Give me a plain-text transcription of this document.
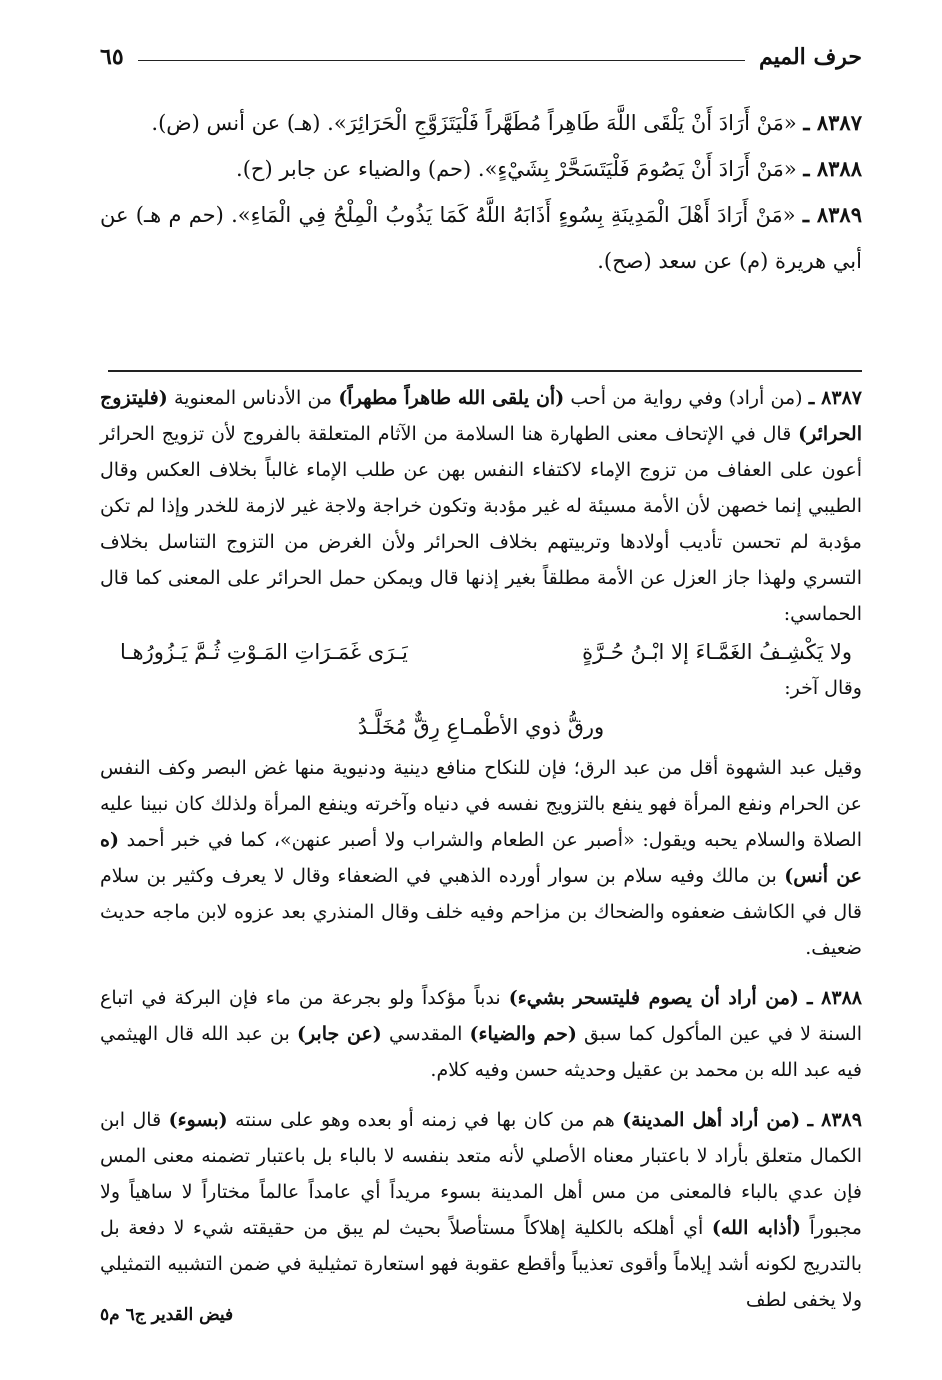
حرف الميم
٦٥

٨٣٨٧ ـ «مَنْ أَرَادَ أَنْ يَلْقَى اللَّهَ طَاهِراً مُطَهَّراً فَلْيَتَزَوَّجِ الْحَرَائِرَ». (هـ) عن أنس (ض).

٨٣٨٨ ـ «مَنْ أَرَادَ أَنْ يَصُومَ فَلْيَتَسَحَّرْ بِشَيْءٍ». (حم) والضياء عن جابر (ح).

٨٣٨٩ ـ «مَنْ أَرَادَ أَهْلَ الْمَدِينَةِ بِسُوءٍ أَذَابَهُ اللَّهُ كَمَا يَذُوبُ الْمِلْحُ فِي الْمَاءِ». (حم م هـ) عن أبي هريرة (م) عن سعد (صح).

٨٣٨٧ ـ (من أراد) وفي رواية من أحب (أن يلقى الله طاهراً مطهراً) من الأدناس المعنوية (فليتزوج الحرائر) قال في الإتحاف معنى الطهارة هنا السلامة من الآثام المتعلقة بالفروج لأن تزويج الحرائر أعون على العفاف من تزوج الإماء لاكتفاء النفس بهن عن طلب الإماء غالباً بخلاف العكس وقال الطيبي إنما خصهن لأن الأمة مسيئة له غير مؤدبة وتكون خراجة ولاجة غير لازمة للخدر وإذا لم تكن مؤدبة لم تحسن تأديب أولادها وتربيتهم بخلاف الحرائر ولأن الغرض من التزوج التناسل بخلاف التسري ولهذا جاز العزل عن الأمة مطلقاً بغير إذنها قال ويمكن حمل الحرائر على المعنى كما قال الحماسي:

ولا يَكْشِـفُ الغَمَّـاءَ إلا ابْـنُ حُـرَّةٍ
يَـرَى غَمَـرَاتِ المَـوْتِ ثُـمَّ يَـزُورُهـا

وقال آخر:

ورقُّ ذوي الأطْمـاعِ رِقٌّ مُخَلَّـدُ

وقيل عبد الشهوة أقل من عبد الرق؛ فإن للنكاح منافع دينية ودنيوية منها غض البصر وكف النفس عن الحرام ونفع المرأة فهو ينفع بالتزويج نفسه في دنياه وآخرته وينفع المرأة ولذلك كان نبينا عليه الصلاة والسلام يحبه ويقول: «أصبر عن الطعام والشراب ولا أصبر عنهن»، كما في خبر أحمد (ه عن أنس) بن مالك وفيه سلام بن سوار أورده الذهبي في الضعفاء وقال لا يعرف وكثير بن سلام قال في الكاشف ضعفوه والضحاك بن مزاحم وفيه خلف وقال المنذري بعد عزوه لابن ماجه حديث ضعيف.

٨٣٨٨ ـ (من أراد أن يصوم فليتسحر بشيء) ندباً مؤكداً ولو بجرعة من ماء فإن البركة في اتباع السنة لا في عين المأكول كما سبق (حم والضياء) المقدسي (عن جابر) بن عبد الله قال الهيثمي فيه عبد الله بن محمد بن عقيل وحديثه حسن وفيه كلام.

٨٣٨٩ ـ (من أراد أهل المدينة) هم من كان بها في زمنه أو بعده وهو على سنته (بسوء) قال ابن الكمال متعلق بأراد لا باعتبار معناه الأصلي لأنه متعد بنفسه لا بالباء بل باعتبار تضمنه معنى المس فإن عدي بالباء فالمعنى من مس أهل المدينة بسوء مريداً أي عامداً عالماً مختاراً لا ساهياً ولا مجبوراً (أذابه الله) أي أهلكه بالكلية إهلاكاً مستأصلاً بحيث لم يبق من حقيقته شيء لا دفعة بل بالتدريج لكونه أشد إيلاماً وأقوى تعذيباً وأقطع عقوبة فهو استعارة تمثيلية في ضمن التشبيه التمثيلي ولا يخفى لطف

فيض القدير ج٦ م٥
